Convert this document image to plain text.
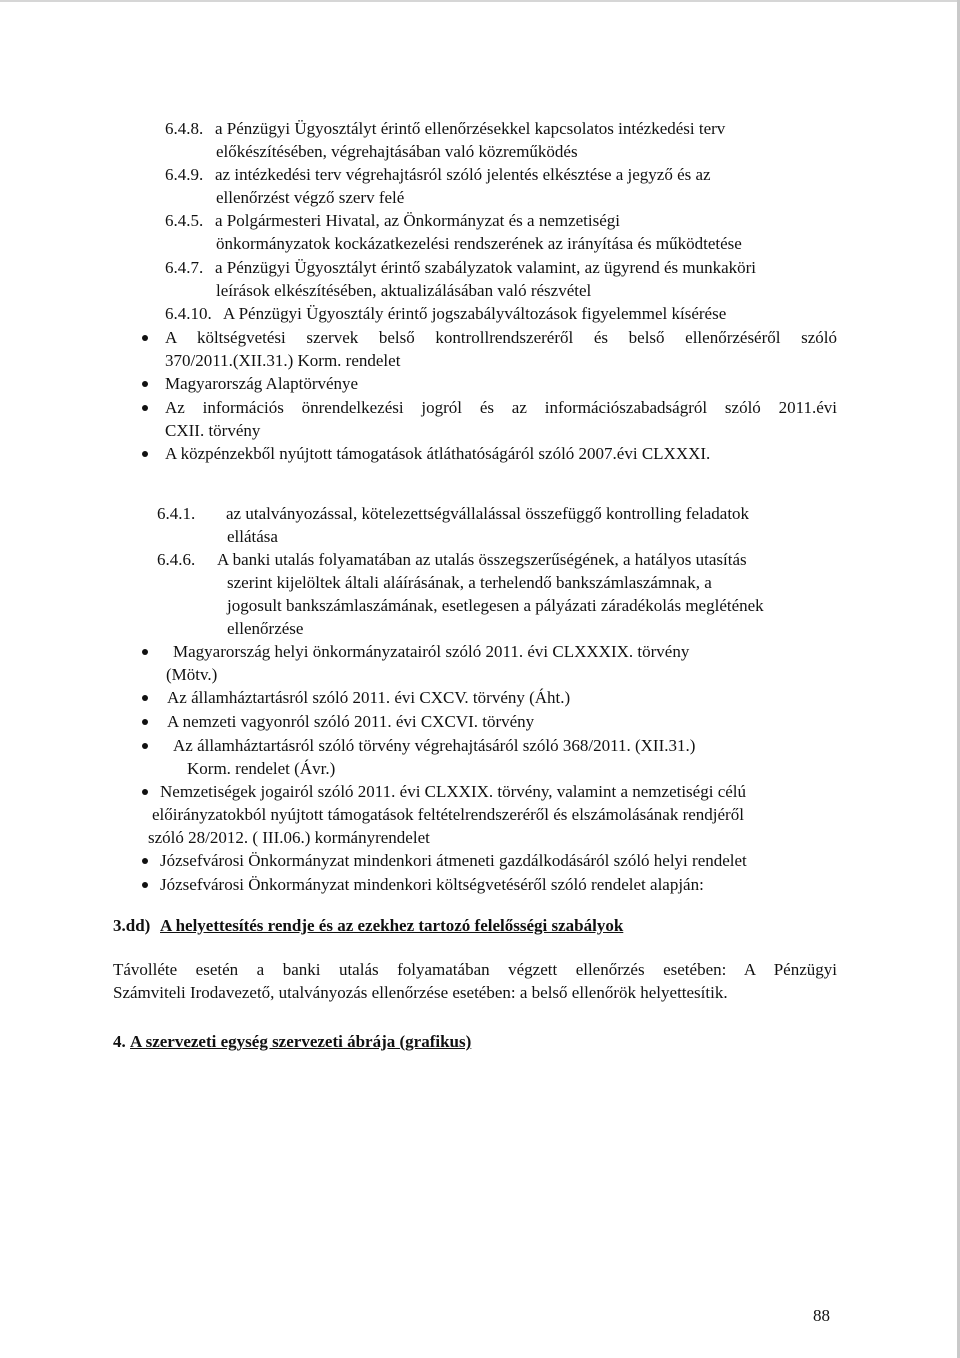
6.4.8. a Pénzügyi Ügyosztályt érintő ellenőrzésekkel kapcsolatos intézkedési terv
előkészítésében, végrehajtásában való közreműködés
6.4.9. az intézkedési terv végrehajtásról szóló jelentés elkésztése a jegyző és az
ellenőrzést végző szerv felé
6.4.5. a Polgármesteri Hivatal, az Önkormányzat és a nemzetiségi
önkormányzatok kockázatkezelési rendszerének az irányítása és működtetése
6.4.7. a Pénzügyi Ügyosztályt érintő szabályzatok valamint, az ügyrend és munkaköri
leírások elkészítésében, aktualizálásában való részvétel
6.4.10. A Pénzügyi Ügyosztály érintő jogszabályváltozások figyelemmel kísérése
A költségvetési szervek belső kontrollrendszeréről és belső ellenőrzéséről szóló
370/2011.(XII.31.) Korm. rendelet
Magyarország Alaptörvénye
Az információs önrendelkezési jogról és az információszabadságról szóló 2011.évi
CXII. törvény
A közpénzekből nyújtott támogatások átláthatóságáról szóló 2007.évi CLXXXI.
6.4.1. az utalványozással, kötelezettségvállalással összefüggő kontrolling feladatok
ellátása
6.4.6. A banki utalás folyamatában az utalás összegszerűségének, a hatályos utasítás
szerint kijelöltek általi aláírásának, a terhelendő bankszámlaszámnak, a
jogosult bankszámlaszámának, esetlegesen a pályázati záradékolás meglétének
ellenőrzése
Magyarország helyi önkormányzatairól szóló 2011. évi CLXXXIX. törvény
(Mötv.)
Az államháztartásról szóló 2011. évi CXCV. törvény (Áht.)
A nemzeti vagyonról szóló 2011. évi CXCVI. törvény
Az államháztartásról szóló törvény végrehajtásáról szóló 368/2011. (XII.31.)
Korm. rendelet (Ávr.)
Nemzetiségek jogairól szóló 2011. évi CLXXIX. törvény, valamint a nemzetiségi célú
előirányzatokból nyújtott támogatások feltételrendszeréről és elszámolásának rendjéről
szóló 28/2012. ( III.06.) kormányrendelet
Józsefvárosi Önkormányzat mindenkori átmeneti gazdálkodásáról szóló helyi rendelet
Józsefvárosi Önkormányzat mindenkori költségvetéséről szóló rendelet alapján:
3.dd) A helyettesítés rendje és az ezekhez tartozó felelősségi szabályok
Távolléte esetén a banki utalás folyamatában végzett ellenőrzés esetében: A Pénzügyi
Számviteli Irodavezető, utalványozás ellenőrzése esetében: a belső ellenőrök helyettesítik.
4. A szervezeti egység szervezeti ábrája (grafikus)
88
